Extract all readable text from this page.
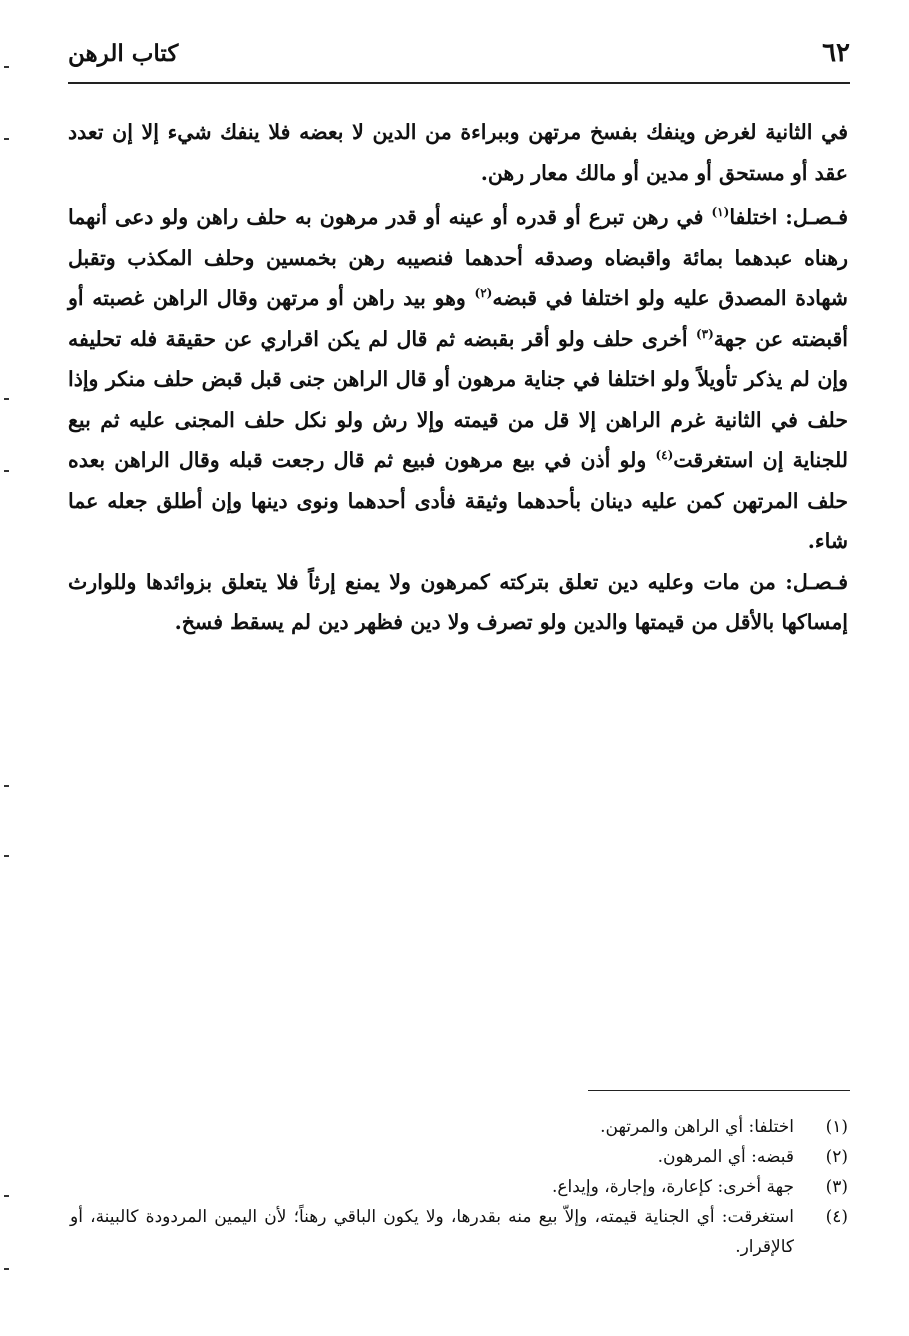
٦٢
كتاب الرهن

في الثانية لغرض وينفك بفسخ مرتهن وببراءة من الدين لا بعضه فلا ينفك شيء إلا إن تعدد عقد أو مستحق أو مدين أو مالك معار رهن.

فـصـل: اختلفا$^{(١)}$ في رهن تبرع أو قدره أو عينه أو قدر مرهون به حلف راهن ولو دعى أنهما رهناه عبدهما بمائة واقبضاه وصدقه أحدهما فنصيبه رهن بخمسين وحلف المكذب وتقبل شهادة المصدق عليه ولو اختلفا في قبضه$^{(٢)}$ وهو بيد راهن أو مرتهن وقال الراهن غصبته أو أقبضته عن جهة$^{(٣)}$ أخرى حلف ولو أقر بقبضه ثم قال لم يكن اقراري عن حقيقة فله تحليفه وإن لم يذكر تأويلاً ولو اختلفا في جناية مرهون أو قال الراهن جنى قبل قبض حلف منكر وإذا حلف في الثانية غرم الراهن إلا قل من قيمته وإلا رش ولو نكل حلف المجنى عليه ثم بيع للجناية إن استغرقت$^{(٤)}$ ولو أذن في بيع مرهون فبيع ثم قال رجعت قبله وقال الراهن بعده حلف المرتهن كمن عليه دينان بأحدهما وثيقة فأدى أحدهما ونوى دينها وإن أطلق جعله عما شاء.

فـصـل: من مات وعليه دين تعلق بتركته كمرهون ولا يمنع إرثاً فلا يتعلق بزوائدها وللوارث إمساكها بالأقل من قيمتها والدين ولو تصرف ولا دين فظهر دين لم يسقط فسخ.

(١)
اختلفا: أي الراهن والمرتهن.
(٢)
قبضه: أي المرهون.
(٣)
جهة أخرى: كإعارة، وإجارة، وإيداع.
(٤)
استغرقت: أي الجناية قيمته، وإلاّ بيع منه بقدرها، ولا يكون الباقي رهناً؛ لأن اليمين المردودة كالبينة، أو كالإقرار.
